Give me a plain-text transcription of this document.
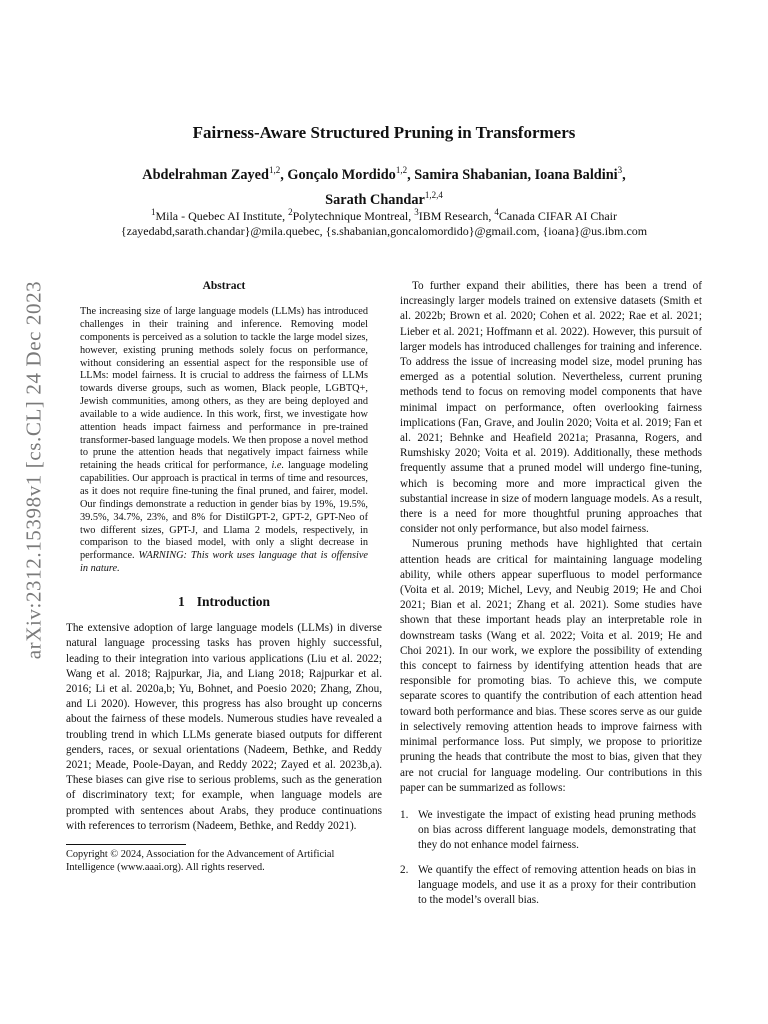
arXiv:2312.15398v1 [cs.CL] 24 Dec 2023
Fairness-Aware Structured Pruning in Transformers
Abdelrahman Zayed$^{1,2}$, Gonçalo Mordido$^{1,2}$, Samira Shabanian, Ioana Baldini$^3$,
Sarath Chandar$^{1,2,4}$
$^1$Mila - Quebec AI Institute, $^2$Polytechnique Montreal, $^3$IBM Research, $^4$Canada CIFAR AI Chair
{zayedabd,sarath.chandar}@mila.quebec, {s.shabanian,goncalomordido}@gmail.com, {ioana}@us.ibm.com
Abstract
The increasing size of large language models (LLMs) has introduced challenges in their training and inference. Removing model components is perceived as a solution to tackle the large model sizes, however, existing pruning methods solely focus on performance, without considering an essential aspect for the responsible use of LLMs: model fairness. It is crucial to address the fairness of LLMs towards diverse groups, such as women, Black people, LGBTQ+, Jewish communities, among others, as they are being deployed and available to a wide audience. In this work, first, we investigate how attention heads impact fairness and performance in pre-trained transformer-based language models. We then propose a novel method to prune the attention heads that negatively impact fairness while retaining the heads critical for performance, i.e. language modeling capabilities. Our approach is practical in terms of time and resources, as it does not require fine-tuning the final pruned, and fairer, model. Our findings demonstrate a reduction in gender bias by 19%, 19.5%, 39.5%, 34.7%, 23%, and 8% for DistilGPT-2, GPT-2, GPT-Neo of two different sizes, GPT-J, and Llama 2 models, respectively, in comparison to the biased model, with only a slight decrease in performance. WARNING: This work uses language that is offensive in nature.
1 Introduction

The extensive adoption of large language models (LLMs) in diverse natural language processing tasks has proven highly successful, leading to their integration into various applications (Liu et al. 2022; Wang et al. 2018; Rajpurkar, Jia, and Liang 2018; Rajpurkar et al. 2016; Li et al. 2020a,b; Yu, Bohnet, and Poesio 2020; Zhang, Zhou, and Li 2020). However, this progress has also brought up concerns about the fairness of these models. Numerous studies have revealed a troubling trend in which LLMs generate biased outputs for different genders, races, or sexual orientations (Nadeem, Bethke, and Reddy 2021; Meade, Poole-Dayan, and Reddy 2022; Zayed et al. 2023b,a). These biases can give rise to serious problems, such as the generation of discriminatory text; for example, when language models are prompted with sentences about Arabs, they produce continuations with references to terrorism (Nadeem, Bethke, and Reddy 2021).

Copyright © 2024, Association for the Advancement of Artificial Intelligence (www.aaai.org). All rights reserved.

To further expand their abilities, there has been a trend of increasingly larger models trained on extensive datasets (Smith et al. 2022b; Brown et al. 2020; Cohen et al. 2022; Rae et al. 2021; Lieber et al. 2021; Hoffmann et al. 2022). However, this pursuit of larger models has introduced challenges for training and inference. To address the issue of increasing model size, model pruning has emerged as a potential solution. Nevertheless, current pruning methods tend to focus on removing model components that have minimal impact on performance, often overlooking fairness implications (Fan, Grave, and Joulin 2020; Voita et al. 2019; Fan et al. 2021; Behnke and Heafield 2021a; Prasanna, Rogers, and Rumshisky 2020; Voita et al. 2019). Additionally, these methods frequently assume that a pruned model will undergo fine-tuning, which is becoming more and more impractical given the substantial increase in size of modern language models. As a result, there is a need for more thoughtful pruning approaches that consider not only performance, but also model fairness.

Numerous pruning methods have highlighted that certain attention heads are critical for maintaining language modeling ability, while others appear superfluous to model performance (Voita et al. 2019; Michel, Levy, and Neubig 2019; He and Choi 2021; Bian et al. 2021; Zhang et al. 2021). Some studies have shown that these important heads play an interpretable role in downstream tasks (Wang et al. 2022; Voita et al. 2019; He and Choi 2021). In our work, we explore the possibility of extending this concept to fairness by identifying attention heads that are responsible for promoting bias. To achieve this, we compute separate scores to quantify the contribution of each attention head toward both performance and bias. These scores serve as our guide in selectively removing attention heads to improve fairness with minimal performance loss. Put simply, we propose to prioritize pruning the heads that contribute the most to bias, given that they are not crucial for language modeling. Our contributions in this paper can be summarized as follows:

1. We investigate the impact of existing head pruning methods on bias across different language models, demonstrating that they do not enhance model fairness.
2. We quantify the effect of removing attention heads on bias in language models, and use it as a proxy for their contribution to the model’s overall bias.
